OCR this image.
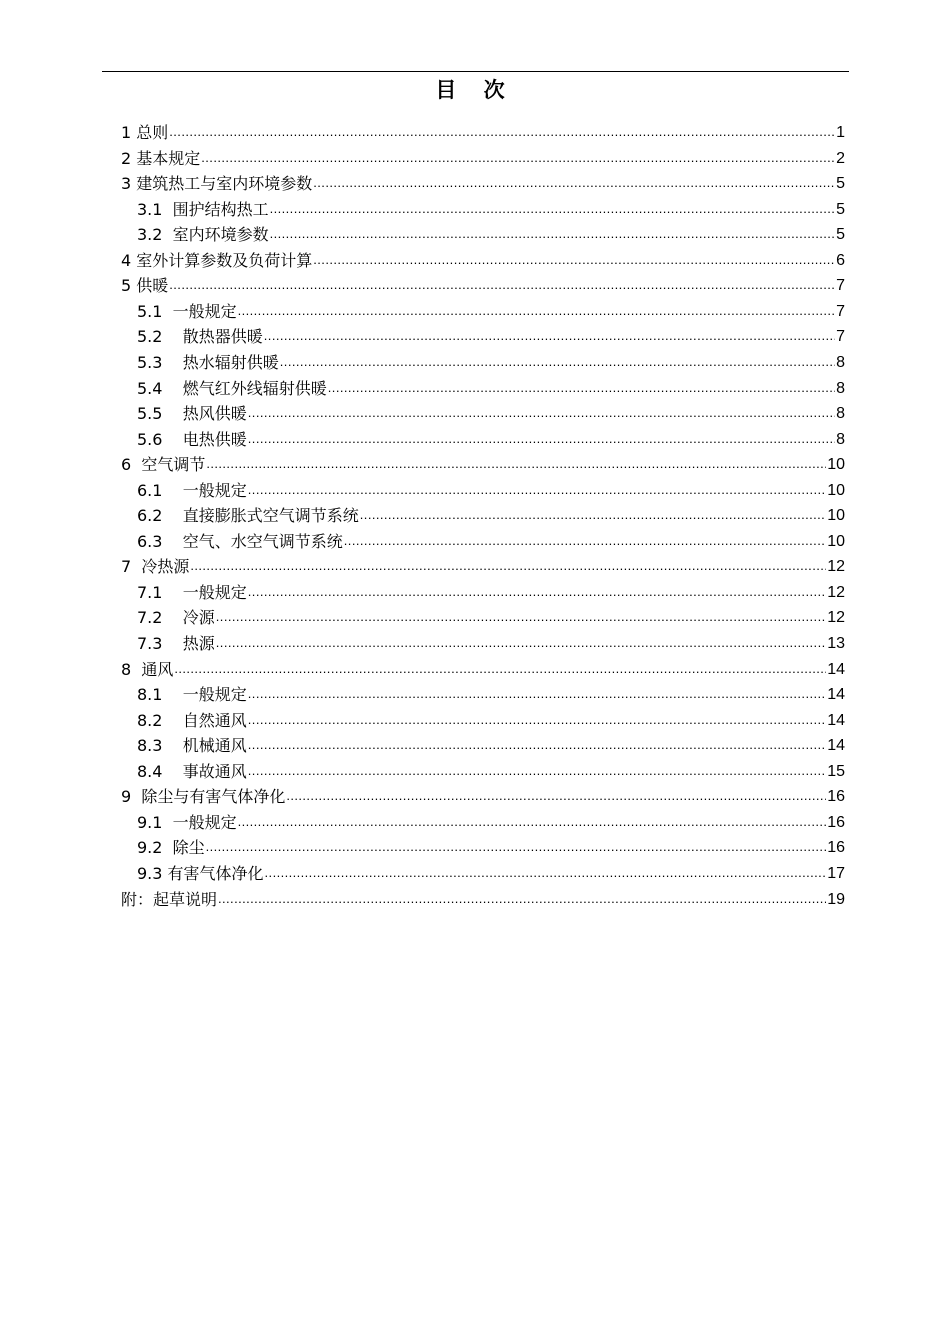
目 次
1 总则 .....	1
2 基本规定 .....	2
3 建筑热工与室内环境参数 .....	5
3.1  围护结构热工 .....	5
3.2  室内环境参数 .....	5
4 室外计算参数及负荷计算 .....	6
5 供暖 .....	7
5.1  一般规定 .....	7
5.2    散热器供暖 .....	7
5.3    热水辐射供暖 .....	8
5.4    燃气红外线辐射供暖 .....	8
5.5    热风供暖 .....	8
5.6    电热供暖 .....	8
6  空气调节 .....	10
6.1    一般规定 .....	10
6.2    直接膨胀式空气调节系统 .....	10
6.3    空气、水空气调节系统 .....	10
7  冷热源 .....	12
7.1    一般规定 .....	12
7.2    冷源 .....	12
7.3    热源 .....	13
8  通风 .....	14
8.1    一般规定 .....	14
8.2    自然通风 .....	14
8.3    机械通风 .....	14
8.4    事故通风 .....	15
9  除尘与有害气体净化 .....	16
9.1  一般规定 .....	16
9.2  除尘 .....	16
9.3 有害气体净化 .....	17
附：起草说明 .....	19
